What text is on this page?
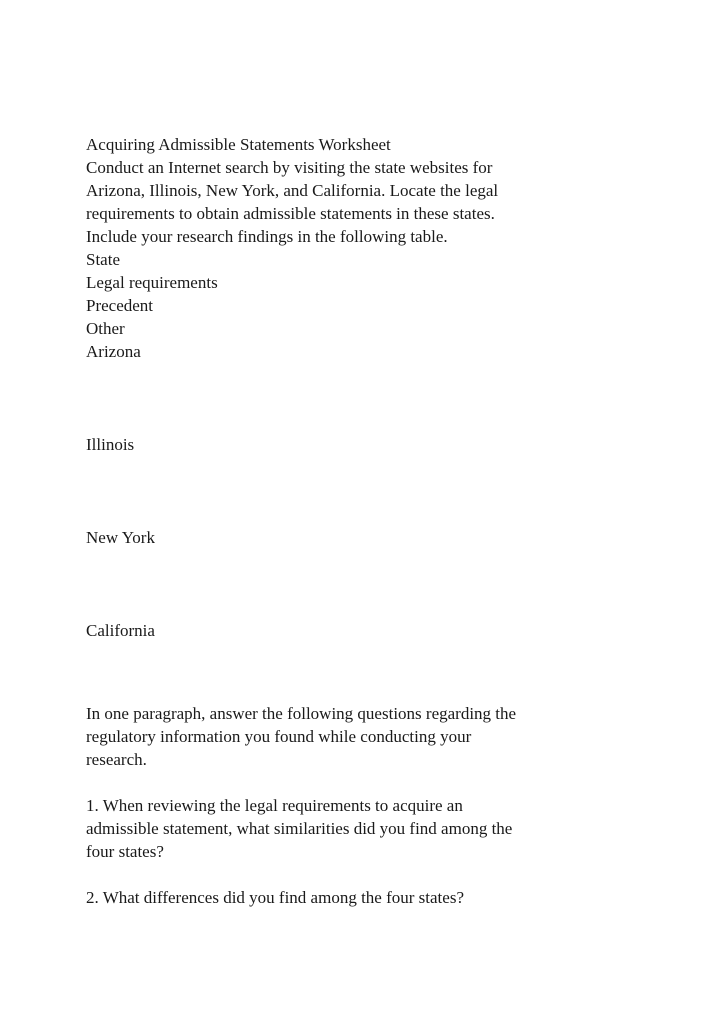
Acquiring Admissible Statements Worksheet
Conduct an Internet search by visiting the state websites for
Arizona, Illinois, New York, and California. Locate the legal
requirements to obtain admissible statements in these states.
Include your research findings in the following table.
State
Legal requirements
Precedent
Other
Arizona
Illinois
New York
California
In one paragraph, answer the following questions regarding the
regulatory information you found while conducting your
research.
1. When reviewing the legal requirements to acquire an
admissible statement, what similarities did you find among the
four states?
2. What differences did you find among the four states?
